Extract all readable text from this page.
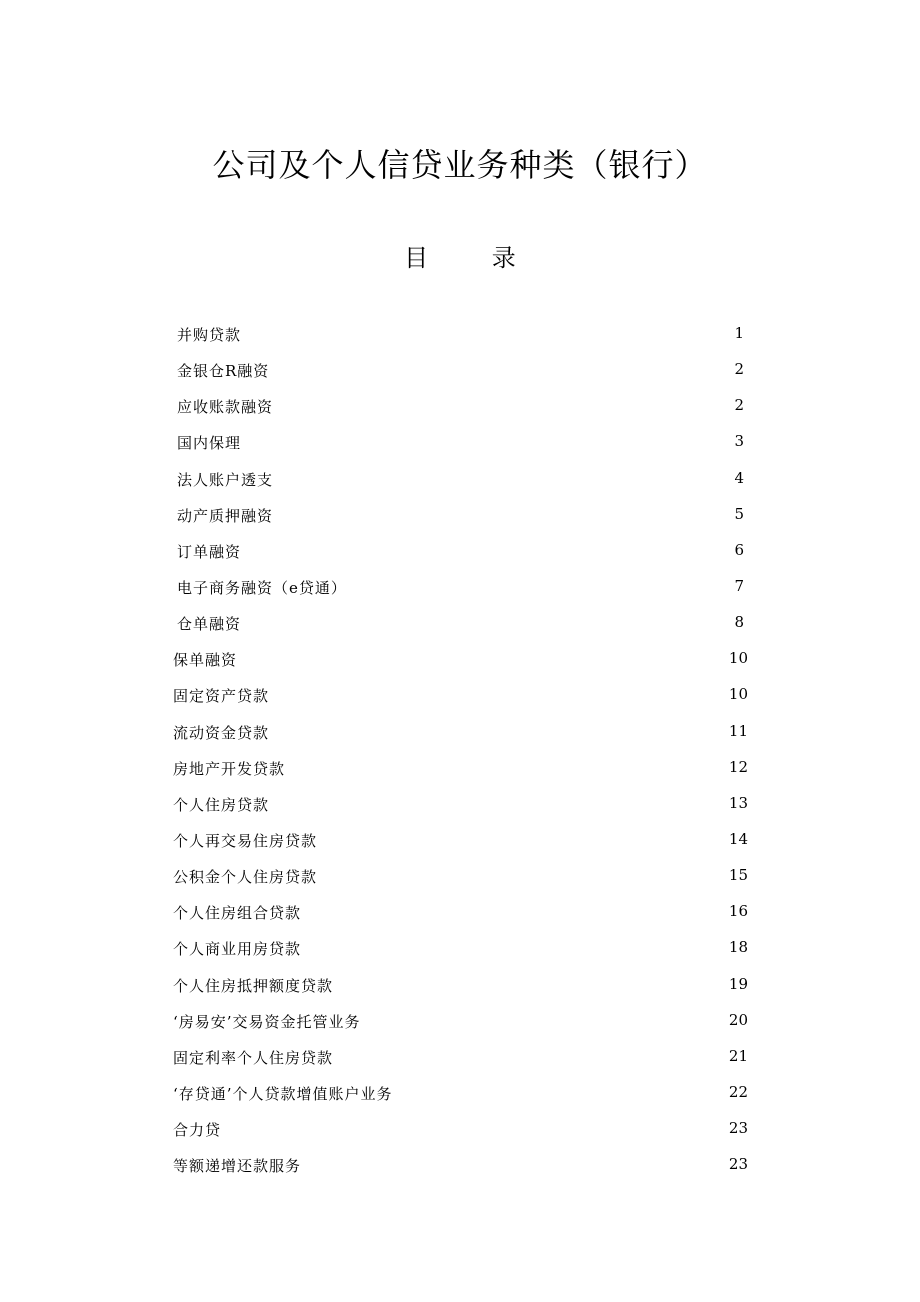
公司及个人信贷业务种类（银行）
目 录
并购贷款	1
金银仓R融资	2
应收账款融资	2
国内保理	3
法人账户透支	4
动产质押融资	5
订单融资	6
电子商务融资（e贷通）	7
仓单融资	8
保单融资	10
固定资产贷款	10
流动资金贷款	11
房地产开发贷款	12
个人住房贷款	13
个人再交易住房贷款	14
公积金个人住房贷款	15
个人住房组合贷款	16
个人商业用房贷款	18
个人住房抵押额度贷款	19
‘房易安’交易资金托管业务	20
固定利率个人住房贷款	21
‘存贷通’个人贷款增值账户业务	22
合力贷	23
等额递增还款服务	23
